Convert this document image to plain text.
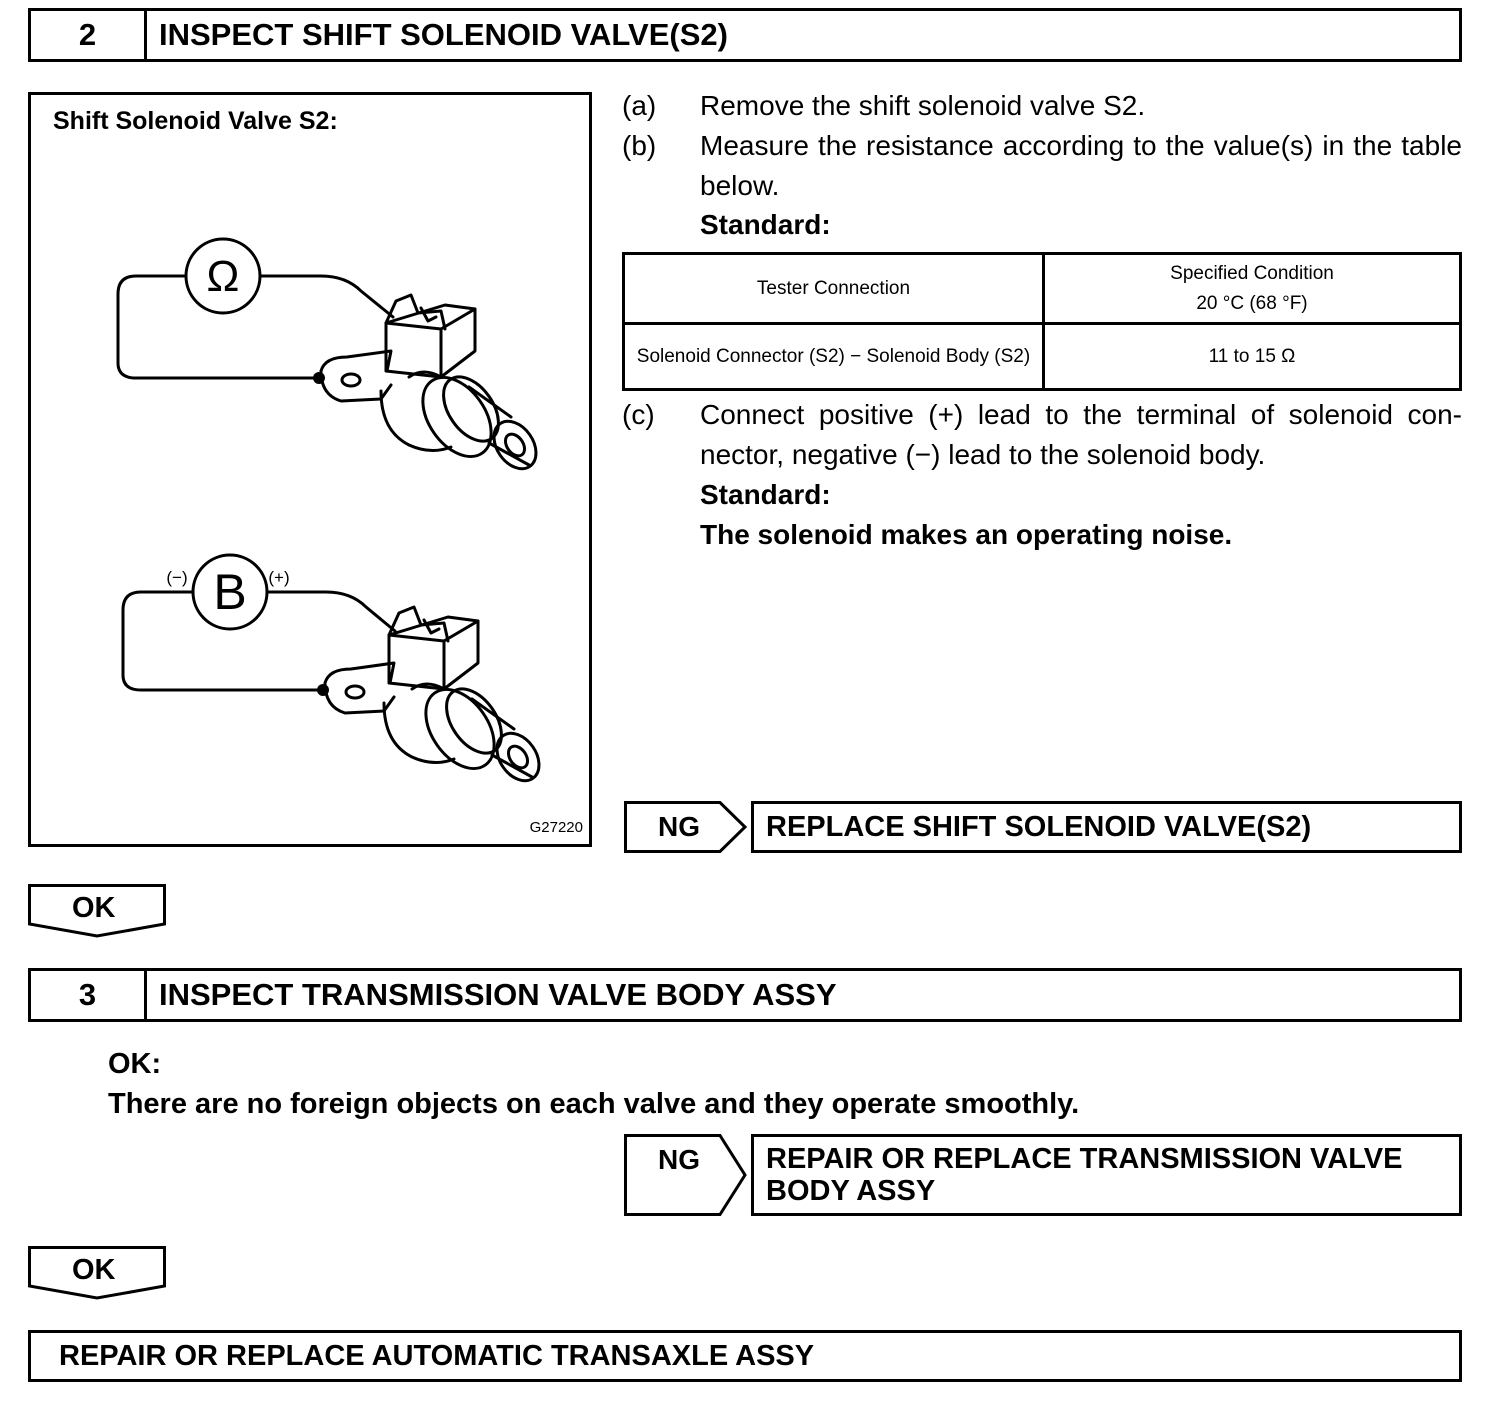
2	INSPECT SHIFT SOLENOID VALVE(S2)
Shift Solenoid Valve S2:
Ω
B
(−)	(+)
G27220
(a) Remove the shift solenoid valve S2.
(b) Measure the resistance according to the value(s) in the table below.
Standard:
Tester Connection	Specified Condition
20 °C (68 °F)
Solenoid Connector (S2) − Solenoid Body (S2)	11 to 15 Ω
(c) Connect positive (+) lead to the terminal of solenoid con- nector, negative (−) lead to the solenoid body.
Standard:
The solenoid makes an operating noise.
NG	REPLACE SHIFT SOLENOID VALVE(S2)
OK
3	INSPECT TRANSMISSION VALVE BODY ASSY
OK:
There are no foreign objects on each valve and they operate smoothly.
NG REPAIR OR REPLACE TRANSMISSION VALVE
BODY ASSY
OK
REPAIR OR REPLACE AUTOMATIC TRANSAXLE ASSY
